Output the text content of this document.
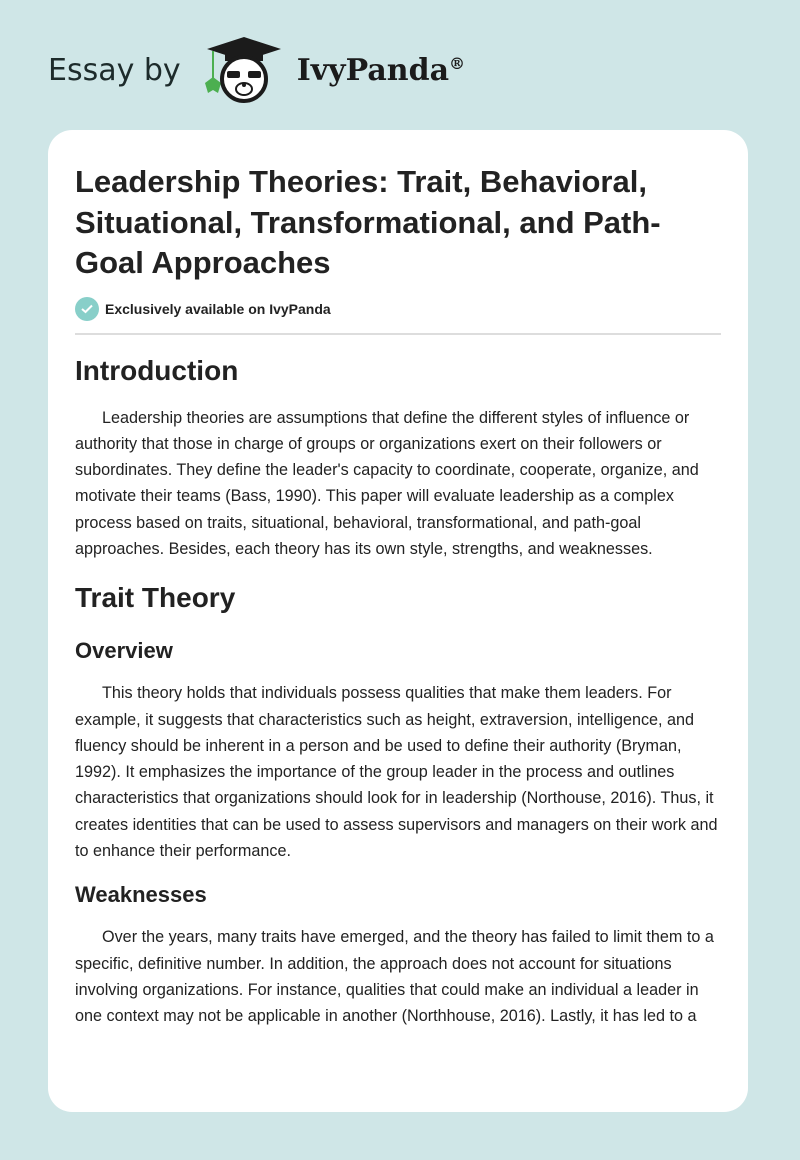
Essay by	IvyPanda®
Leadership Theories: Trait, Behavioral, Situational, Transformational, and Path-Goal Approaches
Exclusively available on IvyPanda
Introduction

Leadership theories are assumptions that define the different styles of influence or authority that those in charge of groups or organizations exert on their followers or subordinates. They define the leader's capacity to coordinate, cooperate, organize, and motivate their teams (Bass, 1990). This paper will evaluate leadership as a complex process based on traits, situational, behavioral, transformational, and path-goal approaches. Besides, each theory has its own style, strengths, and weaknesses.

Trait Theory
Overview

This theory holds that individuals possess qualities that make them leaders. For example, it suggests that characteristics such as height, extraversion, intelligence, and fluency should be inherent in a person and be used to define their authority (Bryman, 1992). It emphasizes the importance of the group leader in the process and outlines characteristics that organizations should look for in leadership (Northouse, 2016). Thus, it creates identities that can be used to assess supervisors and managers on their work and to enhance their performance.

Weaknesses

Over the years, many traits have emerged, and the theory has failed to limit them to a specific, definitive number. In addition, the approach does not account for situations involving organizations. For instance, qualities that could make an individual a leader in one context may not be applicable in another (Northhouse, 2016). Lastly, it has led to a
